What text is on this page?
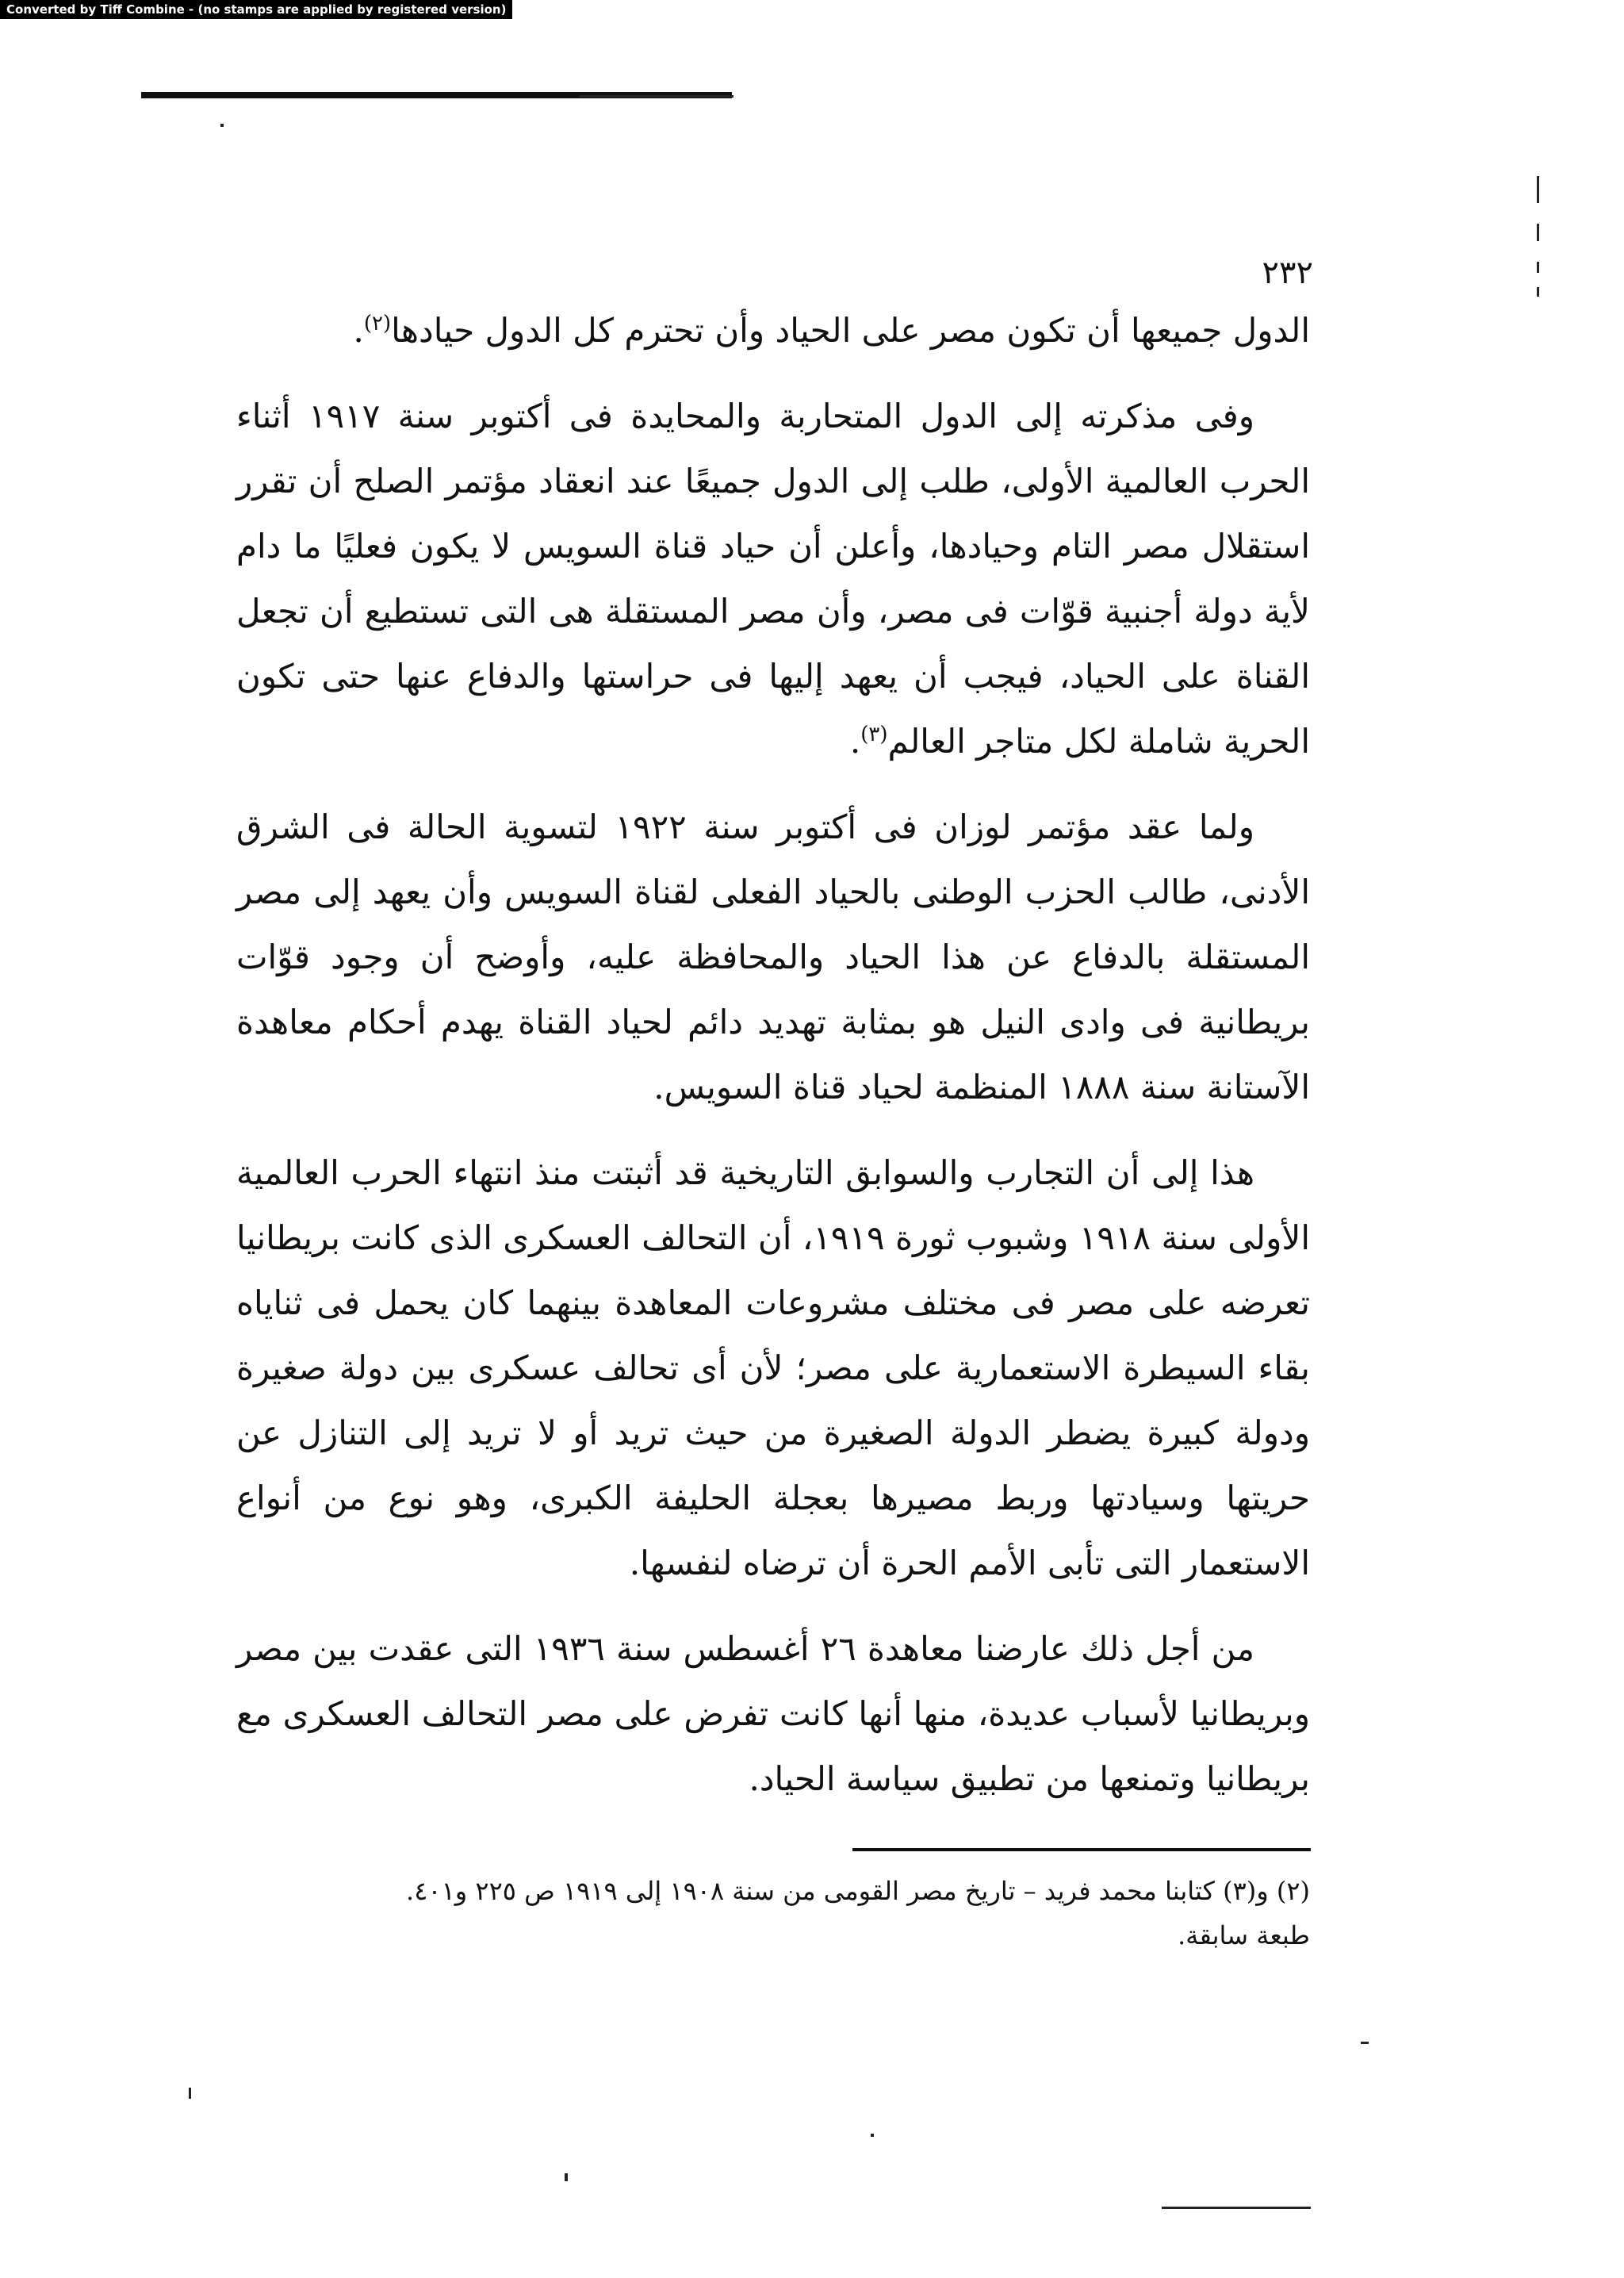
Converted by Tiff Combine - (no stamps are applied by registered version)
٢٣٢

الدول جميعها أن تكون مصر على الحياد وأن تحترم كل الدول حيادها$^{(٢)}$.

وفى مذكرته إلى الدول المتحاربة والمحايدة فى أكتوبر سنة ١٩١٧ أثناء الحرب العالمية الأولى، طلب إلى الدول جميعًا عند انعقاد مؤتمر الصلح أن تقرر استقلال مصر التام وحيادها، وأعلن أن حياد قناة السويس لا يكون فعليًا ما دام لأية دولة أجنبية قوّات فى مصر، وأن مصر المستقلة هى التى تستطيع أن تجعل القناة على الحياد، فيجب أن يعهد إليها فى حراستها والدفاع عنها حتى تكون الحرية شاملة لكل متاجر العالم$^{(٣)}$.

ولما عقد مؤتمر لوزان فى أكتوبر سنة ١٩٢٢ لتسوية الحالة فى الشرق الأدنى، طالب الحزب الوطنى بالحياد الفعلى لقناة السويس وأن يعهد إلى مصر المستقلة بالدفاع عن هذا الحياد والمحافظة عليه، وأوضح أن وجود قوّات بريطانية فى وادى النيل هو بمثابة تهديد دائم لحياد القناة يهدم أحكام معاهدة الآستانة سنة ١٨٨٨ المنظمة لحياد قناة السويس.

هذا إلى أن التجارب والسوابق التاريخية قد أثبتت منذ انتهاء الحرب العالمية الأولى سنة ١٩١٨ وشبوب ثورة ١٩١٩، أن التحالف العسكرى الذى كانت بريطانيا تعرضه على مصر فى مختلف مشروعات المعاهدة بينهما كان يحمل فى ثناياه بقاء السيطرة الاستعمارية على مصر؛ لأن أى تحالف عسكرى بين دولة صغيرة ودولة كبيرة يضطر الدولة الصغيرة من حيث تريد أو لا تريد إلى التنازل عن حريتها وسيادتها وربط مصيرها بعجلة الحليفة الكبرى، وهو نوع من أنواع الاستعمار التى تأبى الأمم الحرة أن ترضاه لنفسها.

من أجل ذلك عارضنا معاهدة ٢٦ أغسطس سنة ١٩٣٦ التى عقدت بين مصر وبريطانيا لأسباب عديدة، منها أنها كانت تفرض على مصر التحالف العسكرى مع بريطانيا وتمنعها من تطبيق سياسة الحياد.

(٢) و(٣) كتابنا محمد فريد – تاريخ مصر القومى من سنة ١٩٠٨ إلى ١٩١٩ ص ٢٢٥ و٤٠١.

طبعة سابقة.
